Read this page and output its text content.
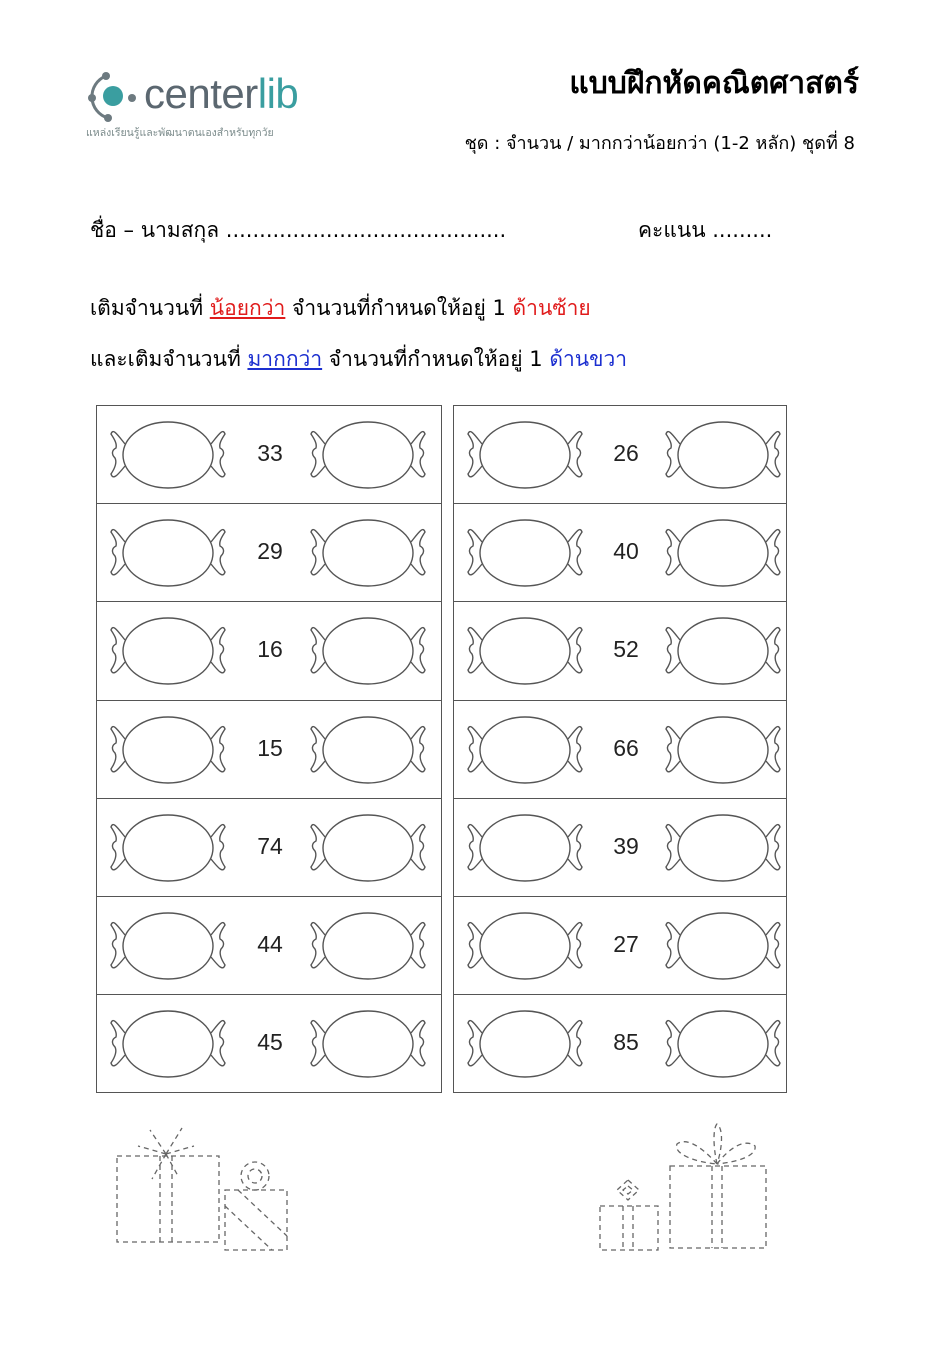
centerlib
แหล่งเรียนรู้และพัฒนาตนเองสำหรับทุกวัย
แบบฝึกหัดคณิตศาสตร์
ชุด : จำนวน / มากกว่าน้อยกว่า (1-2 หลัก) ชุดที่ 8
ชื่อ – นามสกุล ..........................................	คะแนน .........
เติมจำนวนที่ น้อยกว่า จำนวนที่กำหนดให้อยู่ 1 ด้านซ้าย
และเติมจำนวนที่ มากกว่า จำนวนที่กำหนดให้อยู่ 1 ด้านขวา
33
29
16
15
74
44
45
26
40
52
66
39
27
85
